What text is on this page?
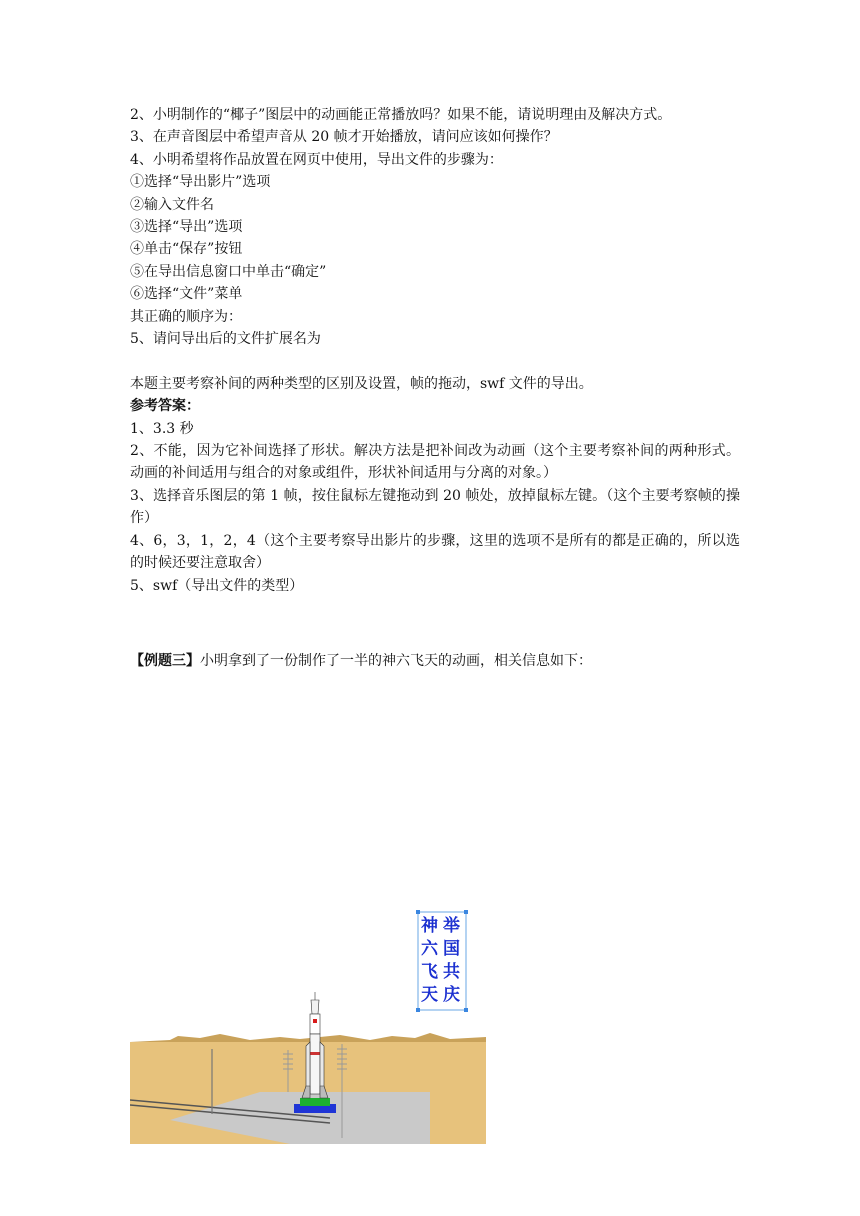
2、小明制作的“椰子”图层中的动画能正常播放吗？如果不能，请说明理由及解决方式。
3、在声音图层中希望声音从 20 帧才开始播放，请问应该如何操作？
4、小明希望将作品放置在网页中使用，导出文件的步骤为：
①选择“导出影片”选项
②输入文件名
③选择“导出”选项
④单击“保存”按钮
⑤在导出信息窗口中单击“确定”
⑥选择“文件”菜单
其正确的顺序为：
5、请问导出后的文件扩展名为
本题主要考察补间的两种类型的区别及设置，帧的拖动，swf 文件的导出。
参考答案：
1、3.3 秒
2、不能，因为它补间选择了形状。解决方法是把补间改为动画（这个主要考察补间的两种形式。动画的补间适用与组合的对象或组件，形状补间适用与分离的对象。）
3、选择音乐图层的第 1 帧，按住鼠标左键拖动到 20 帧处，放掉鼠标左键。（这个主要考察帧的操作）
4、6，3，1，2，4（这个主要考察导出影片的步骤，这里的选项不是所有的都是正确的，所以选的时候还要注意取舍）
5、swf（导出文件的类型）
【例题三】小明拿到了一份制作了一半的神六飞天的动画，相关信息如下：
神
六
飞
天
举
国
共
庆
